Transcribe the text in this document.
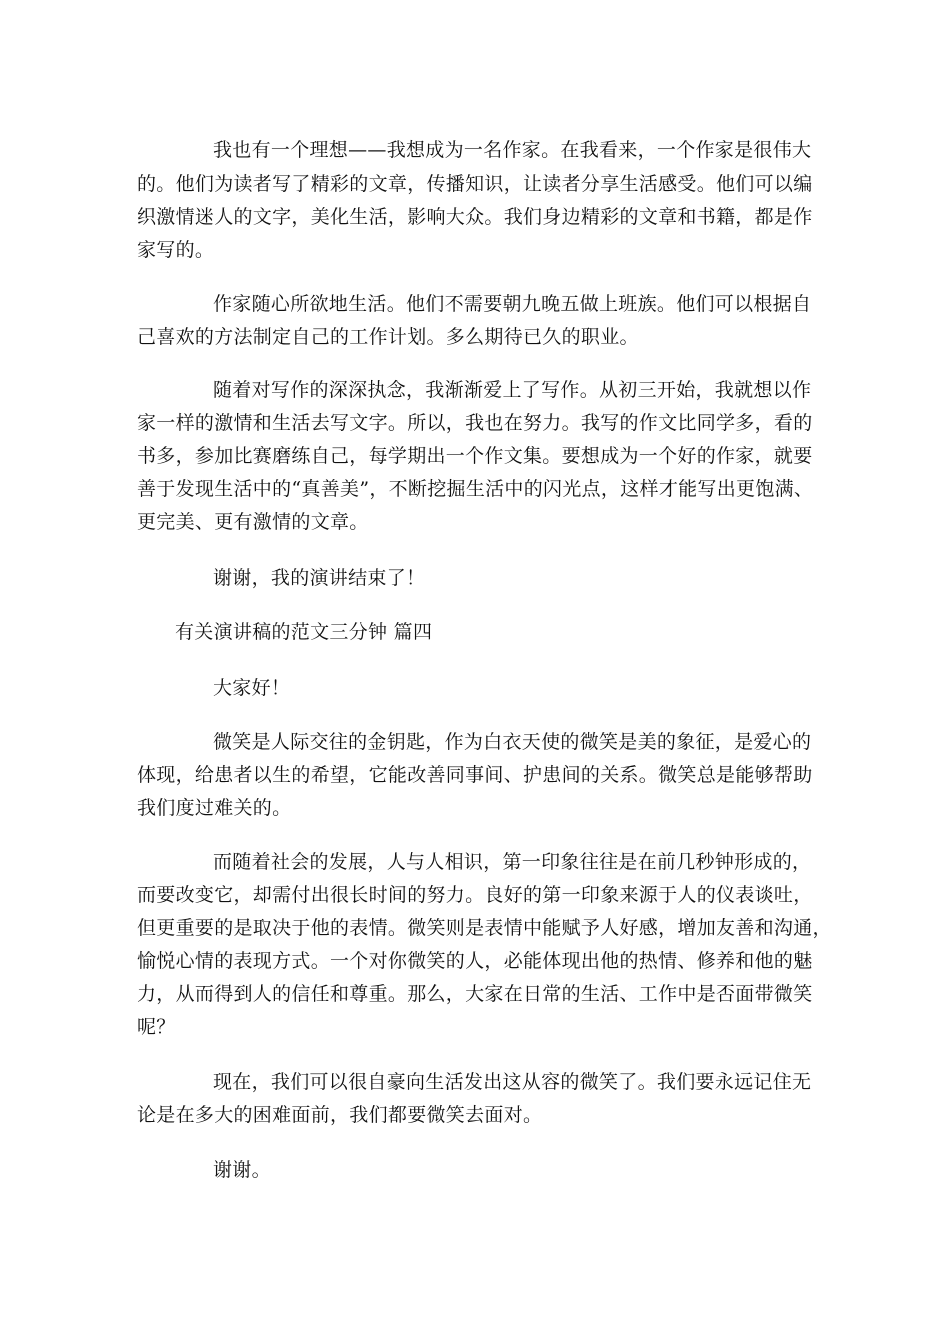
我也有一个理想——我想成为一名作家。在我看来，一个作家是很伟大
的。他们为读者写了精彩的文章，传播知识，让读者分享生活感受。他们可以编
织激情迷人的文字，美化生活，影响大众。我们身边精彩的文章和书籍，都是作
家写的。
作家随心所欲地生活。他们不需要朝九晚五做上班族。他们可以根据自
己喜欢的方法制定自己的工作计划。多么期待已久的职业。
随着对写作的深深执念，我渐渐爱上了写作。从初三开始，我就想以作
家一样的激情和生活去写文字。所以，我也在努力。我写的作文比同学多，看的
书多，参加比赛磨练自己，每学期出一个作文集。要想成为一个好的作家，就要
善于发现生活中的“真善美”，不断挖掘生活中的闪光点，这样才能写出更饱满、
更完美、更有激情的文章。
谢谢，我的演讲结束了！
有关演讲稿的范文三分钟 篇四
大家好！
微笑是人际交往的金钥匙，作为白衣天使的微笑是美的象征，是爱心的
体现，给患者以生的希望，它能改善同事间、护患间的关系。微笑总是能够帮助
我们度过难关的。
而随着社会的发展，人与人相识，第一印象往往是在前几秒钟形成的，
而要改变它，却需付出很长时间的努力。良好的第一印象来源于人的仪表谈吐，
但更重要的是取决于他的表情。微笑则是表情中能赋予人好感，增加友善和沟通，
愉悦心情的表现方式。一个对你微笑的人，必能体现出他的热情、修养和他的魅
力，从而得到人的信任和尊重。那么，大家在日常的生活、工作中是否面带微笑
呢？
现在，我们可以很自豪向生活发出这从容的微笑了。我们要永远记住无
论是在多大的困难面前，我们都要微笑去面对。
谢谢。
